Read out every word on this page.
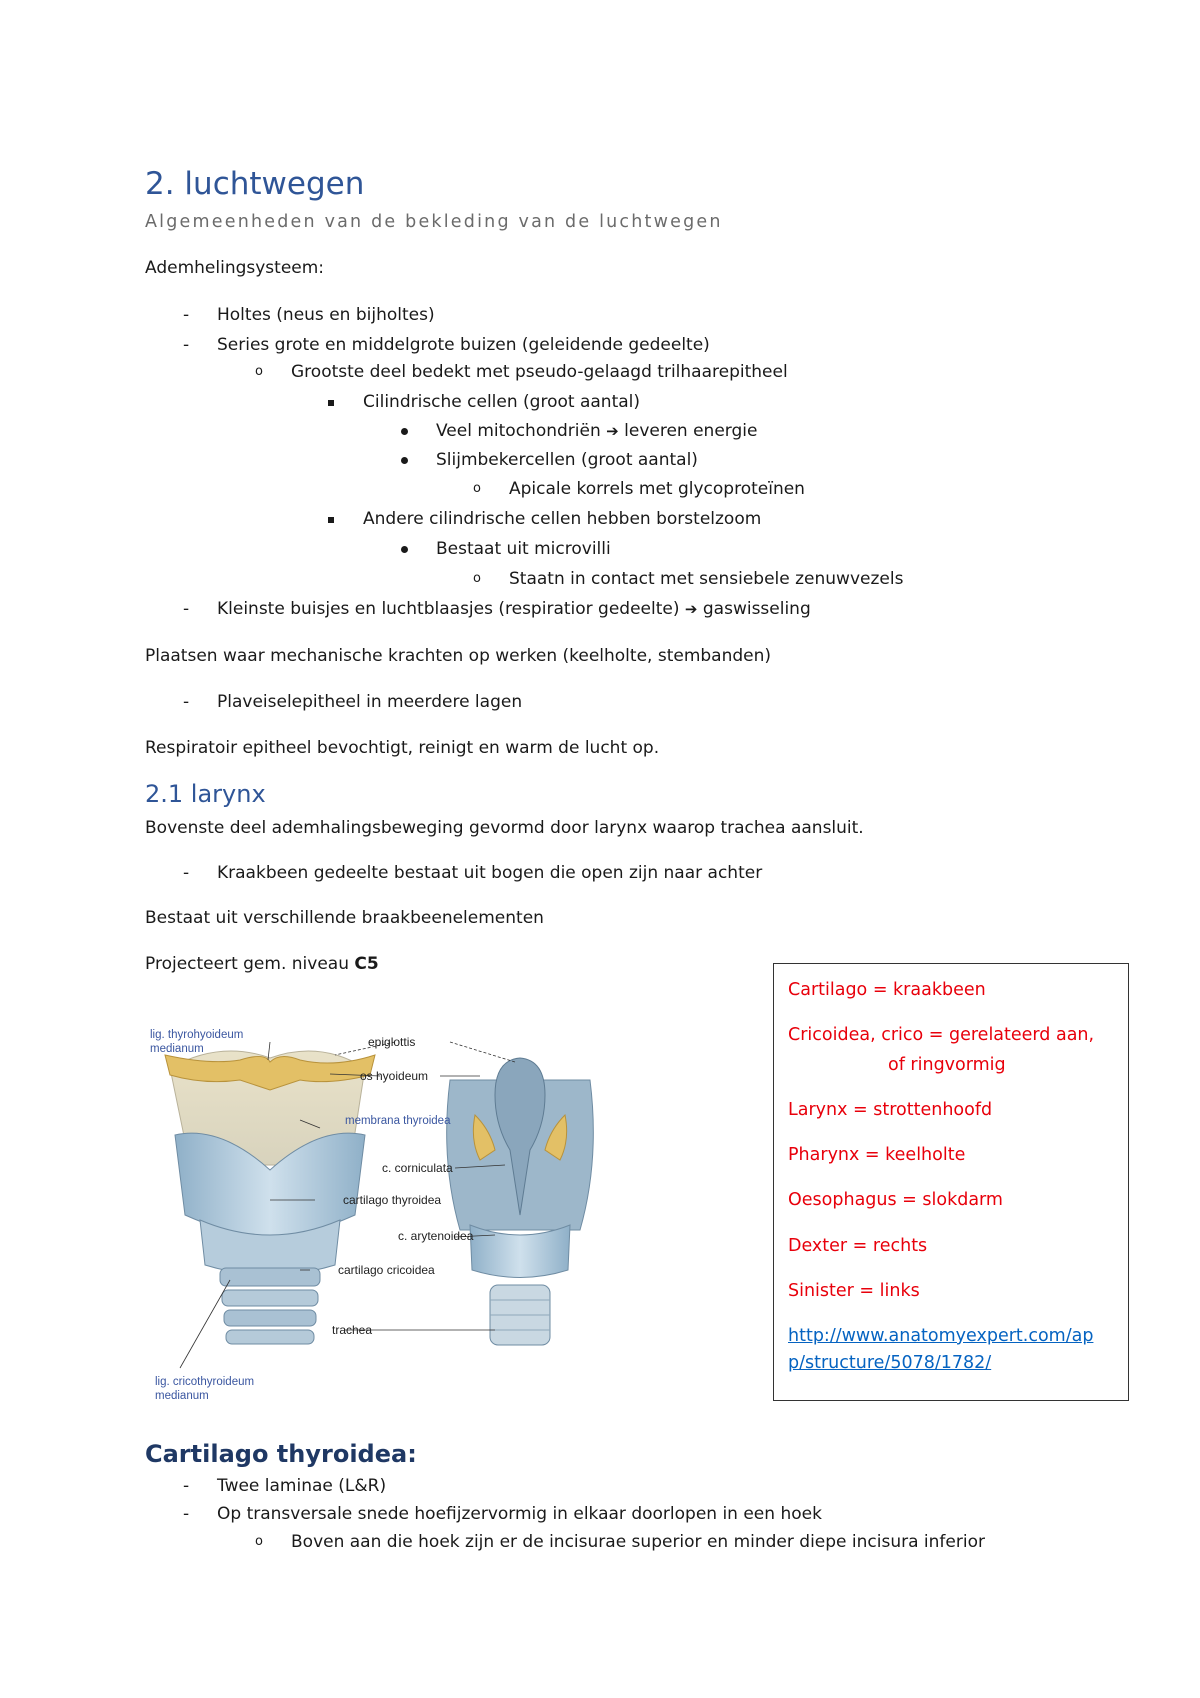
2. luchtwegen
Algemeenheden van de bekleding van de luchtwegen
Ademhelingsysteem:
- Holtes (neus en bijholtes)
- Series grote en middelgrote buizen (geleidende gedeelte)
o Grootste deel bedekt met pseudo-gelaagd trilhaarepitheel
Cilindrische cellen (groot aantal)
Veel mitochondriën ➔ leveren energie
Slijmbekercellen (groot aantal)
o Apicale korrels met glycoproteïnen
Andere cilindrische cellen hebben borstelzoom
Bestaat uit microvilli
o Staatn in contact met sensiebele zenuwvezels
- Kleinste buisjes en luchtblaasjes (respiratior gedeelte) ➔ gaswisseling
Plaatsen waar mechanische krachten op werken (keelholte, stembanden)
- Plaveiselepitheel in meerdere lagen
Respiratoir epitheel bevochtigt, reinigt en warm de lucht op.
2.1 larynx
Bovenste deel ademhalingsbeweging gevormd door larynx waarop trachea aansluit.
- Kraakbeen gedeelte bestaat uit bogen die open zijn naar achter
Bestaat uit verschillende braakbeenelementen
Projecteert gem. niveau C5
lig. thyrohyoideum
medianum	epiglottis
os hyoideum
membrana thyroidea
c. corniculata
cartilago thyroidea
c. arytenoidea
cartilago cricoidea
trachea
lig. cricothyroideum
medianum
Cartilago = kraakbeen
Cricoidea, crico = gerelateerd aan,
of ringvormig
Larynx = strottenhoofd
Pharynx = keelholte
Oesophagus = slokdarm
Dexter = rechts
Sinister = links
http://www.anatomyexpert.com/ap
p/structure/5078/1782/
Cartilago thyroidea:
- Twee laminae (L&R)
- Op transversale snede hoefijzervormig in elkaar doorlopen in een hoek
o Boven aan die hoek zijn er de incisurae superior en minder diepe incisura inferior
